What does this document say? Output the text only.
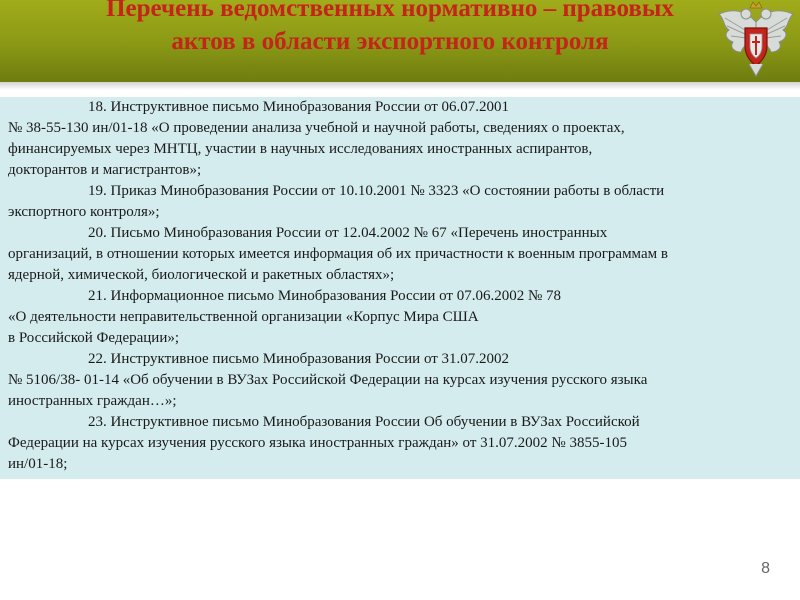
Перечень ведомственных нормативно – правовых
актов в области экспортного контроля

18. Инструктивное письмо Минобразования России от 06.07.2001
№ 38-55-130 ин/01-18 «О проведении анализа учебной и научной работы, сведениях о проектах,
финансируемых через МНТЦ, участии в научных исследованиях иностранных аспирантов,
докторантов и магистрантов»;

19. Приказ Минобразования России от 10.10.2001 № 3323 «О состоянии работы в области
экспортного контроля»;

20. Письмо Минобразования России от 12.04.2002 № 67 «Перечень иностранных
организаций, в отношении которых имеется информация об их причастности к военным программам в
ядерной, химической, биологической и ракетных областях»;

21. Информационное письмо Минобразования России от 07.06.2002 № 78
«О деятельности неправительственной организации «Корпус Мира США
в Российской Федерации»;

22. Инструктивное письмо Минобразования России от 31.07.2002
№ 5106/38- 01-14 «Об обучении в ВУЗах Российской Федерации на курсах изучения русского языка
иностранных граждан…»;

23. Инструктивное письмо Минобразования России Об обучении в ВУЗах Российской
Федерации на курсах изучения русского языка иностранных граждан» от 31.07.2002 № 3855-105
ин/01-18;

8
